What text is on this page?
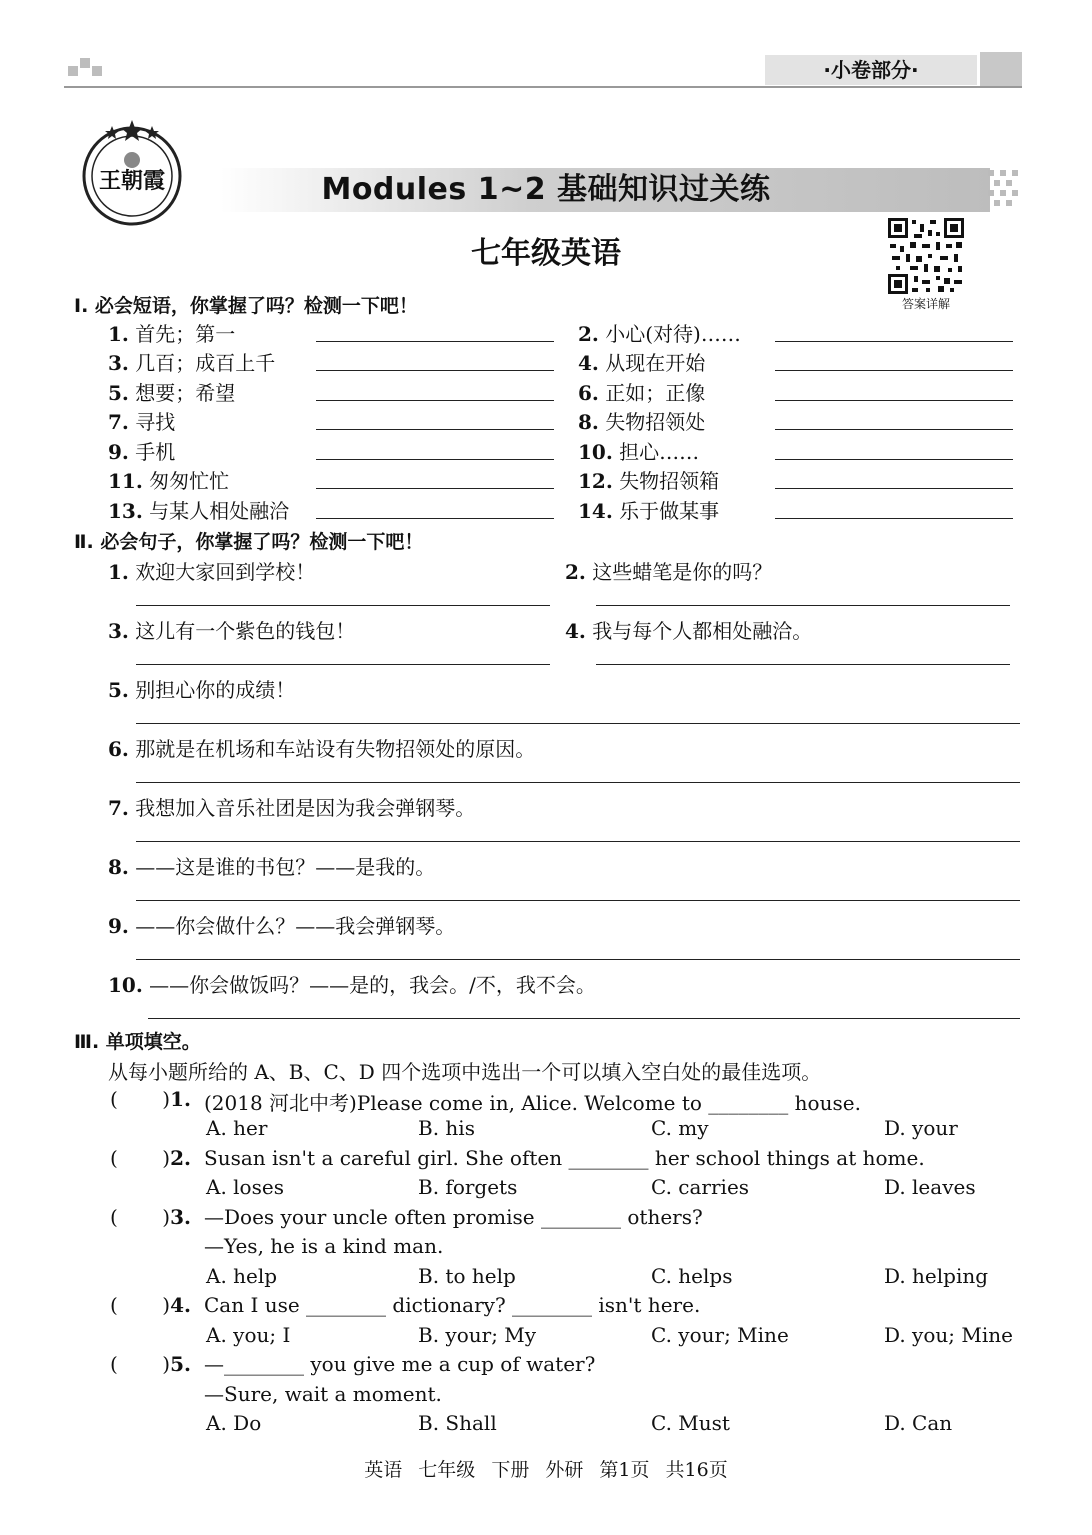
·小卷部分·
王朝霞	Modules 1~2 基础知识过关练
七年级英语
答案详解
Ⅰ. 必会短语，你掌握了吗？检测一下吧！
1. 首先；第一	2. 小心(对待)……
3. 几百；成百上千	4. 从现在开始
5. 想要；希望	6. 正如；正像
7. 寻找	8. 失物招领处
9. 手机	10. 担心……
11. 匆匆忙忙	12. 失物招领箱
13. 与某人相处融洽	14. 乐于做某事
Ⅱ. 必会句子，你掌握了吗？检测一下吧！
1. 欢迎大家回到学校！	2. 这些蜡笔是你的吗？
3. 这儿有一个紫色的钱包！	4. 我与每个人都相处融洽。
5. 别担心你的成绩！
6. 那就是在机场和车站设有失物招领处的原因。
7. 我想加入音乐社团是因为我会弹钢琴。
8. ——这是谁的书包？——是我的。
9. ——你会做什么？——我会弹钢琴。
10. ——你会做饭吗？——是的，我会。/不，我不会。
Ⅲ. 单项填空。
从每小题所给的 A、B、C、D 四个选项中选出一个可以填入空白处的最佳选项。
(       )1. (2018 河北中考)Please come in, Alice. Welcome to ________ house.
A. her	B. his	C. my	D. your
(       )2. Susan isn't a careful girl. She often ________ her school things at home.
A. loses	B. forgets	C. carries	D. leaves
(       )3. —Does your uncle often promise ________ others?
—Yes, he is a kind man.
A. help	B. to help	C. helps	D. helping
(       )4. Can I use ________ dictionary? ________ isn't here.
A. you; I	B. your; My	C. your; Mine	D. you; Mine
(       )5. —________ you give me a cup of water?
—Sure, wait a moment.
A. Do	B. Shall	C. Must	D. Can
英语 七年级 下册 外研 第1页 共16页
